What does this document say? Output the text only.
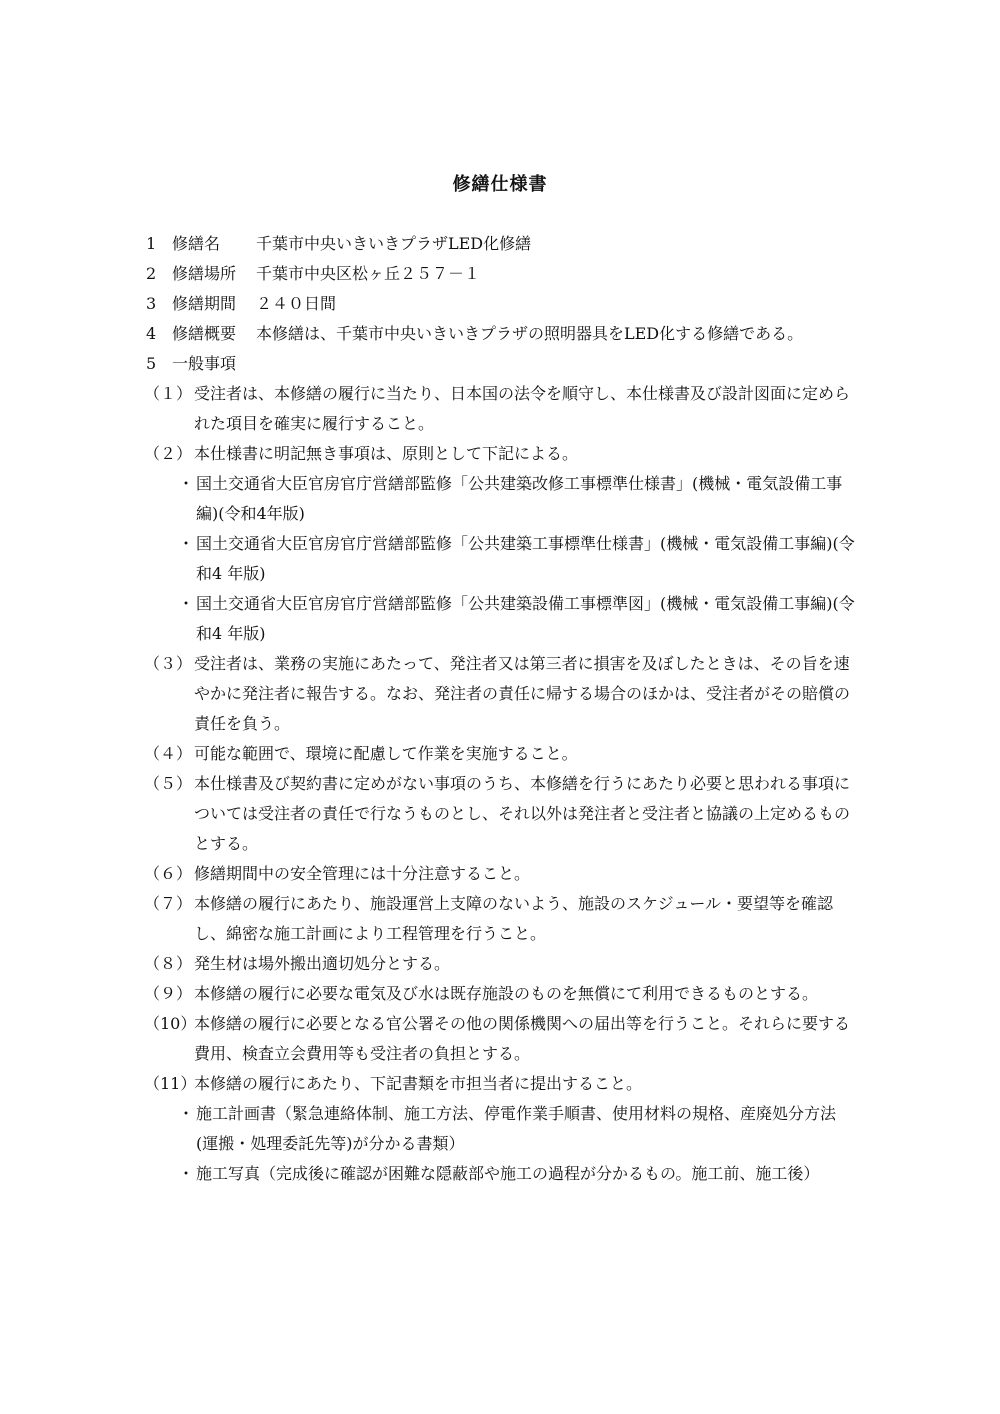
修繕仕様書
1 修繕名	千葉市中央いきいきプラザLED化修繕
2 修繕場所	千葉市中央区松ヶ丘２５７－１
3 修繕期間	２４０日間
4 修繕概要	本修繕は、千葉市中央いきいきプラザの照明器具をLED化する修繕である。
5 一般事項
（１） 受注者は、本修繕の履行に当たり、日本国の法令を順守し、本仕様書及び設計図面に定められた項目を確実に履行すること。
（２） 本仕様書に明記無き事項は、原則として下記による。
・ 国土交通省大臣官房官庁営繕部監修「公共建築改修工事標準仕様書」(機械・電気設備工事編)(令和4年版)
・ 国土交通省大臣官房官庁営繕部監修「公共建築工事標準仕様書」(機械・電気設備工事編)(令和4 年版)
・ 国土交通省大臣官房官庁営繕部監修「公共建築設備工事標準図」(機械・電気設備工事編)(令和4 年版)
（３） 受注者は、業務の実施にあたって、発注者又は第三者に損害を及ぼしたときは、その旨を速やかに発注者に報告する。なお、発注者の責任に帰する場合のほかは、受注者がその賠償の責任を負う。
（４） 可能な範囲で、環境に配慮して作業を実施すること。
（５） 本仕様書及び契約書に定めがない事項のうち、本修繕を行うにあたり必要と思われる事項については受注者の責任で行なうものとし、それ以外は発注者と受注者と協議の上定めるものとする。
（６） 修繕期間中の安全管理には十分注意すること。
（７） 本修繕の履行にあたり、施設運営上支障のないよう、施設のスケジュール・要望等を確認し、綿密な施工計画により工程管理を行うこと。
（８） 発生材は場外搬出適切処分とする。
（９） 本修繕の履行に必要な電気及び水は既存施設のものを無償にて利用できるものとする。
（10）
本修繕の履行に必要となる官公署その他の関係機関への届出等を行うこと。それらに要する費用、検査立会費用等も受注者の負担とする。
（11）
本修繕の履行にあたり、下記書類を市担当者に提出すること。
・ 施工計画書（緊急連絡体制、施工方法、停電作業手順書、使用材料の規格、産廃処分方法(運搬・処理委託先等)が分かる書類）
・ 施工写真（完成後に確認が困難な隠蔽部や施工の過程が分かるもの。施工前、施工後）
